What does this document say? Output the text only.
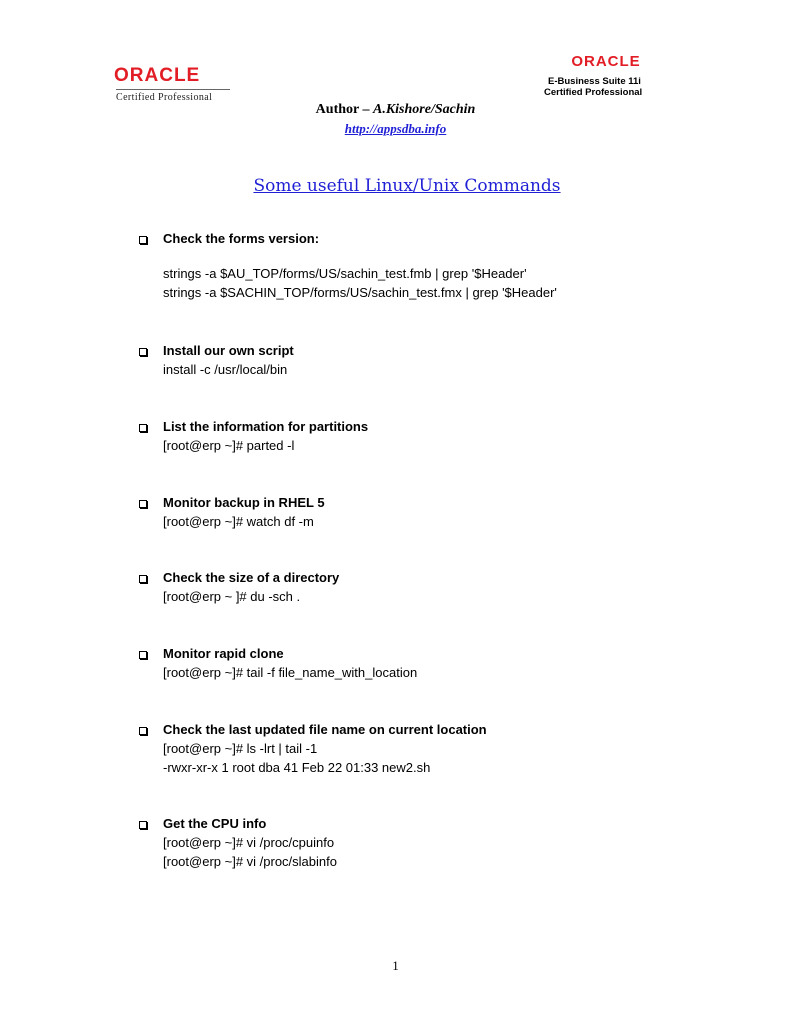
ORACLE
Certified Professional
ORACLE
E-Business Suite 11i
Certified Professional
Author – A.Kishore/Sachin
http://appsdba.info
Some useful Linux/Unix Commands
Check the forms version:
strings -a $AU_TOP/forms/US/sachin_test.fmb | grep '$Header'
strings -a $SACHIN_TOP/forms/US/sachin_test.fmx | grep '$Header'
Install our own script
install -c /usr/local/bin
List the information for partitions
[root@erp ~]# parted -l
Monitor backup in RHEL 5
[root@erp ~]# watch df -m
Check the size of a directory
[root@erp ~ ]# du -sch .
Monitor rapid clone
[root@erp ~]# tail -f file_name_with_location
Check the last updated file name on current location
[root@erp ~]# ls -lrt | tail -1
-rwxr-xr-x 1 root dba 41 Feb 22 01:33 new2.sh
Get the CPU info
[root@erp ~]# vi /proc/cpuinfo
[root@erp ~]# vi /proc/slabinfo
1
